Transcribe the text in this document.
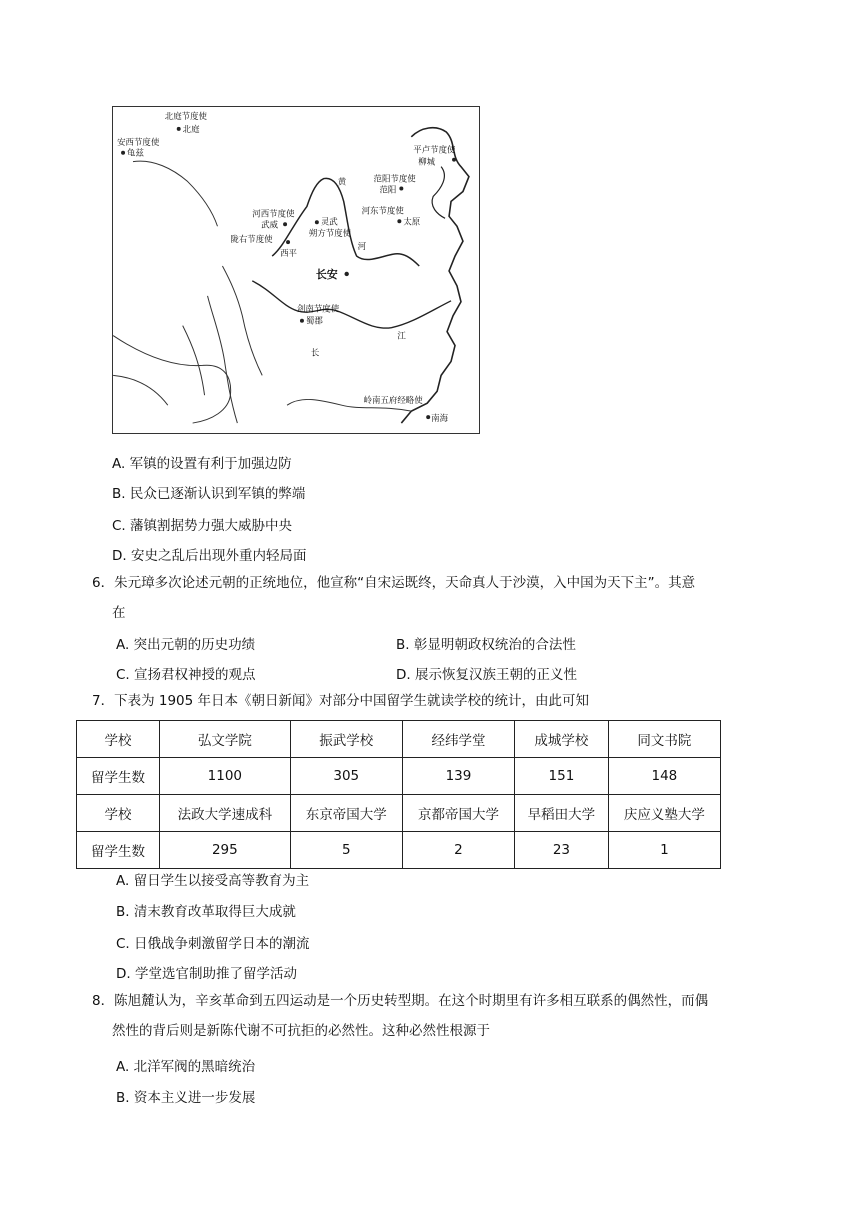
北庭节度使
北庭
安西节度使
龟兹	平卢节度使
柳城
范阳节度使
范阳
河东节度使
太原
河西节度使
武威	灵武
朔方节度使
陇右节度使
西平
长安
剑南节度使
蜀郡
岭南五府经略使
南海
黄
河
长
江
A. 军镇的设置有利于加强边防
B. 民众已逐渐认识到军镇的弊端
C. 藩镇割据势力强大威胁中央
D. 安史之乱后出现外重内轻局面
6．朱元璋多次论述元朝的正统地位，他宣称“自宋运既终，天命真人于沙漠，入中国为天下主”。其意
在
A. 突出元朝的历史功绩	B. 彰显明朝政权统治的合法性
C. 宣扬君权神授的观点	D. 展示恢复汉族王朝的正义性
7．下表为 1905 年日本《朝日新闻》对部分中国留学生就读学校的统计，由此可知
学校	弘文学院	振武学校	经纬学堂	成城学校	同文书院
留学生数	1100	305	139	151	148
学校	法政大学速成科	东京帝国大学	京都帝国大学	早稻田大学	庆应义塾大学
留学生数	295	5	2	23	1
A. 留日学生以接受高等教育为主
B. 清末教育改革取得巨大成就
C. 日俄战争刺激留学日本的潮流
D. 学堂选官制助推了留学活动
8．陈旭麓认为，辛亥革命到五四运动是一个历史转型期。在这个时期里有许多相互联系的偶然性，而偶
然性的背后则是新陈代谢不可抗拒的必然性。这种必然性根源于
A. 北洋军阀的黑暗统治
B. 资本主义进一步发展
